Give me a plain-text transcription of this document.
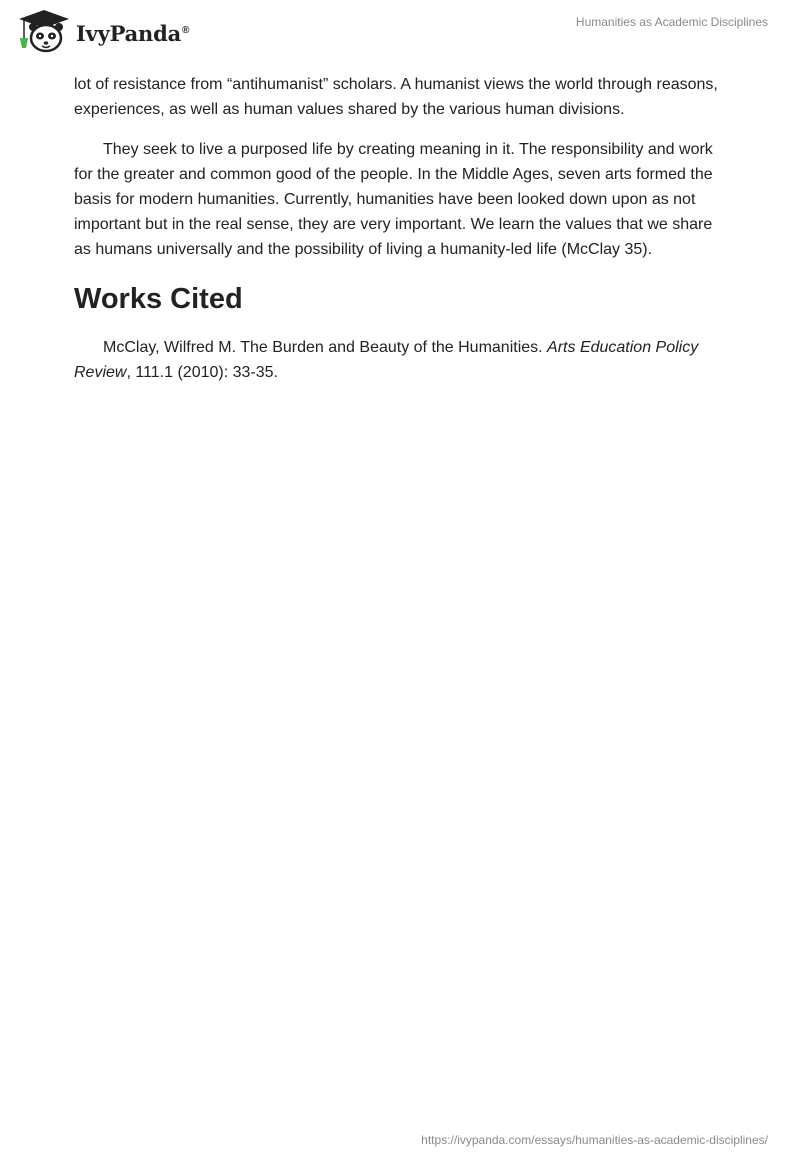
IvyPanda®
Humanities as Academic Disciplines

lot of resistance from “antihumanist” scholars. A humanist views the world through reasons, experiences, as well as human values shared by the various human divisions.

They seek to live a purposed life by creating meaning in it. The responsibility and work for the greater and common good of the people. In the Middle Ages, seven arts formed the basis for modern humanities. Currently, humanities have been looked down upon as not important but in the real sense, they are very important. We learn the values that we share as humans universally and the possibility of living a humanity-led life (McClay 35).

Works Cited

McClay, Wilfred M. The Burden and Beauty of the Humanities. Arts Education Policy Review, 111.1 (2010): 33-35.

https://ivypanda.com/essays/humanities-as-academic-disciplines/
